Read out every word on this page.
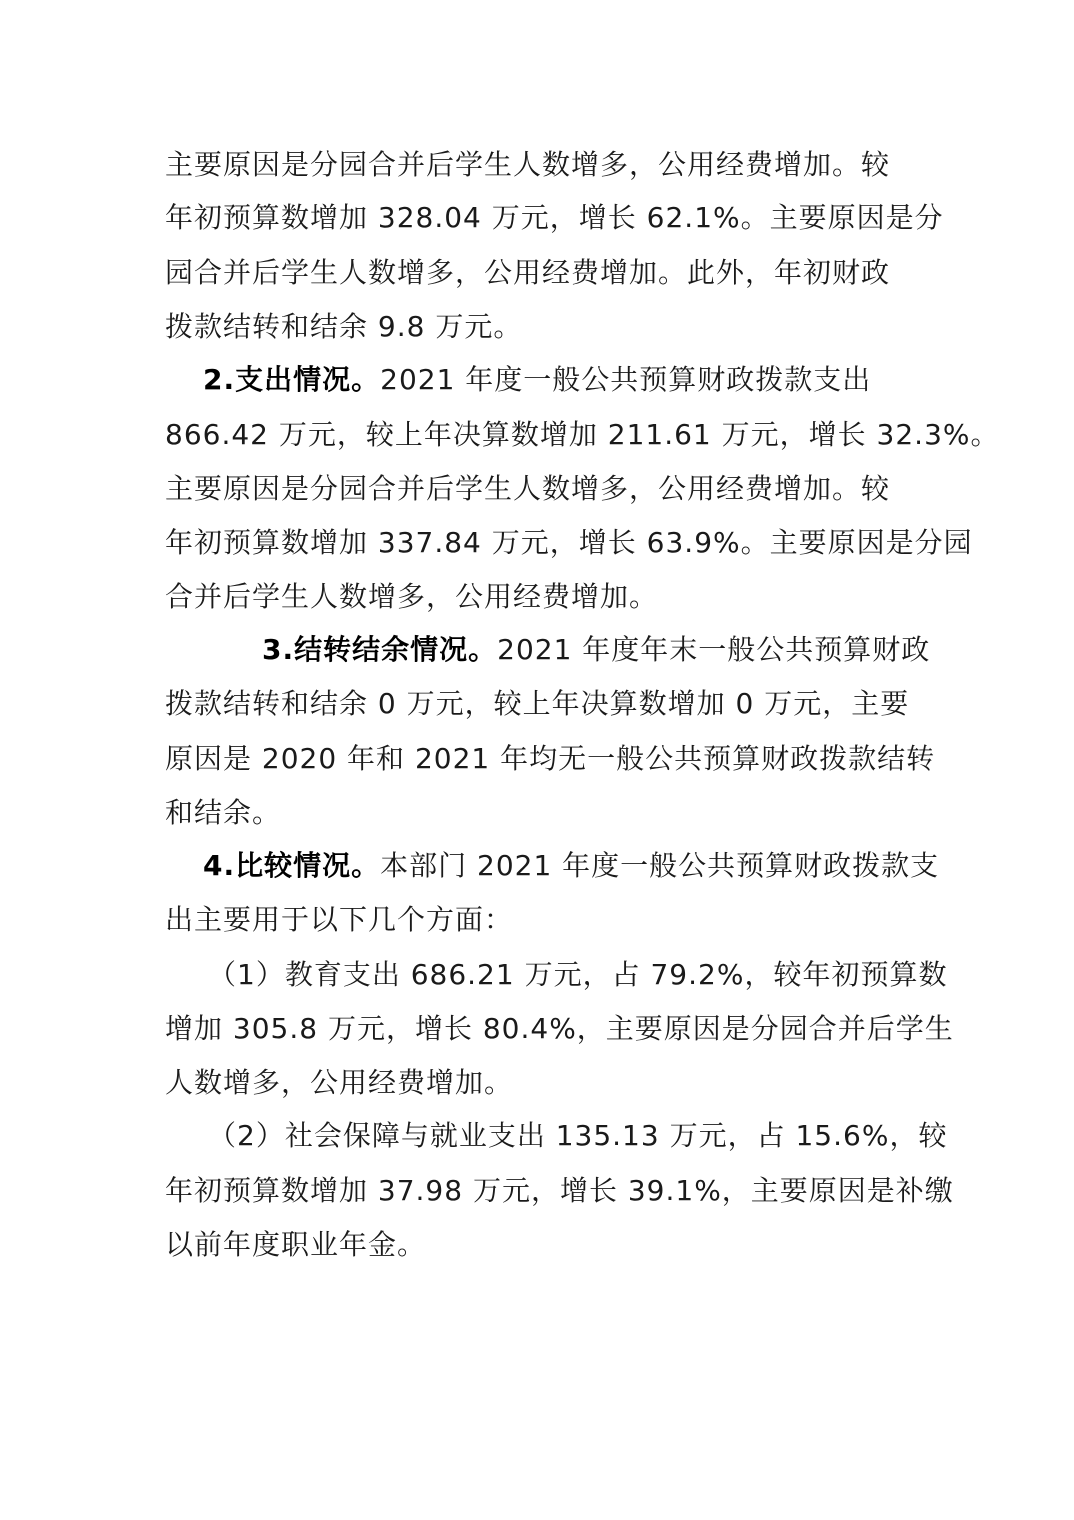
主要原因是分园合并后学生人数增多，公用经费增加。较
年初预算数增加 328.04 万元，增长 62.1%。主要原因是分
园合并后学生人数增多，公用经费增加。此外，年初财政
拨款结转和结余 9.8 万元。
2.支出情况。2021 年度一般公共预算财政拨款支出
866.42 万元，较上年决算数增加 211.61 万元，增长 32.3%。
主要原因是分园合并后学生人数增多，公用经费增加。较
年初预算数增加 337.84 万元，增长 63.9%。主要原因是分园
合并后学生人数增多，公用经费增加。
3.结转结余情况。2021 年度年末一般公共预算财政
拨款结转和结余 0 万元，较上年决算数增加 0 万元，主要
原因是 2020 年和 2021 年均无一般公共预算财政拨款结转
和结余。
4.比较情况。本部门 2021 年度一般公共预算财政拨款支
出主要用于以下几个方面：
（1）教育支出 686.21 万元，占 79.2%，较年初预算数
增加 305.8 万元，增长 80.4%，主要原因是分园合并后学生
人数增多，公用经费增加。
（2）社会保障与就业支出 135.13 万元，占 15.6%，较
年初预算数增加 37.98 万元，增长 39.1%，主要原因是补缴
以前年度职业年金。
